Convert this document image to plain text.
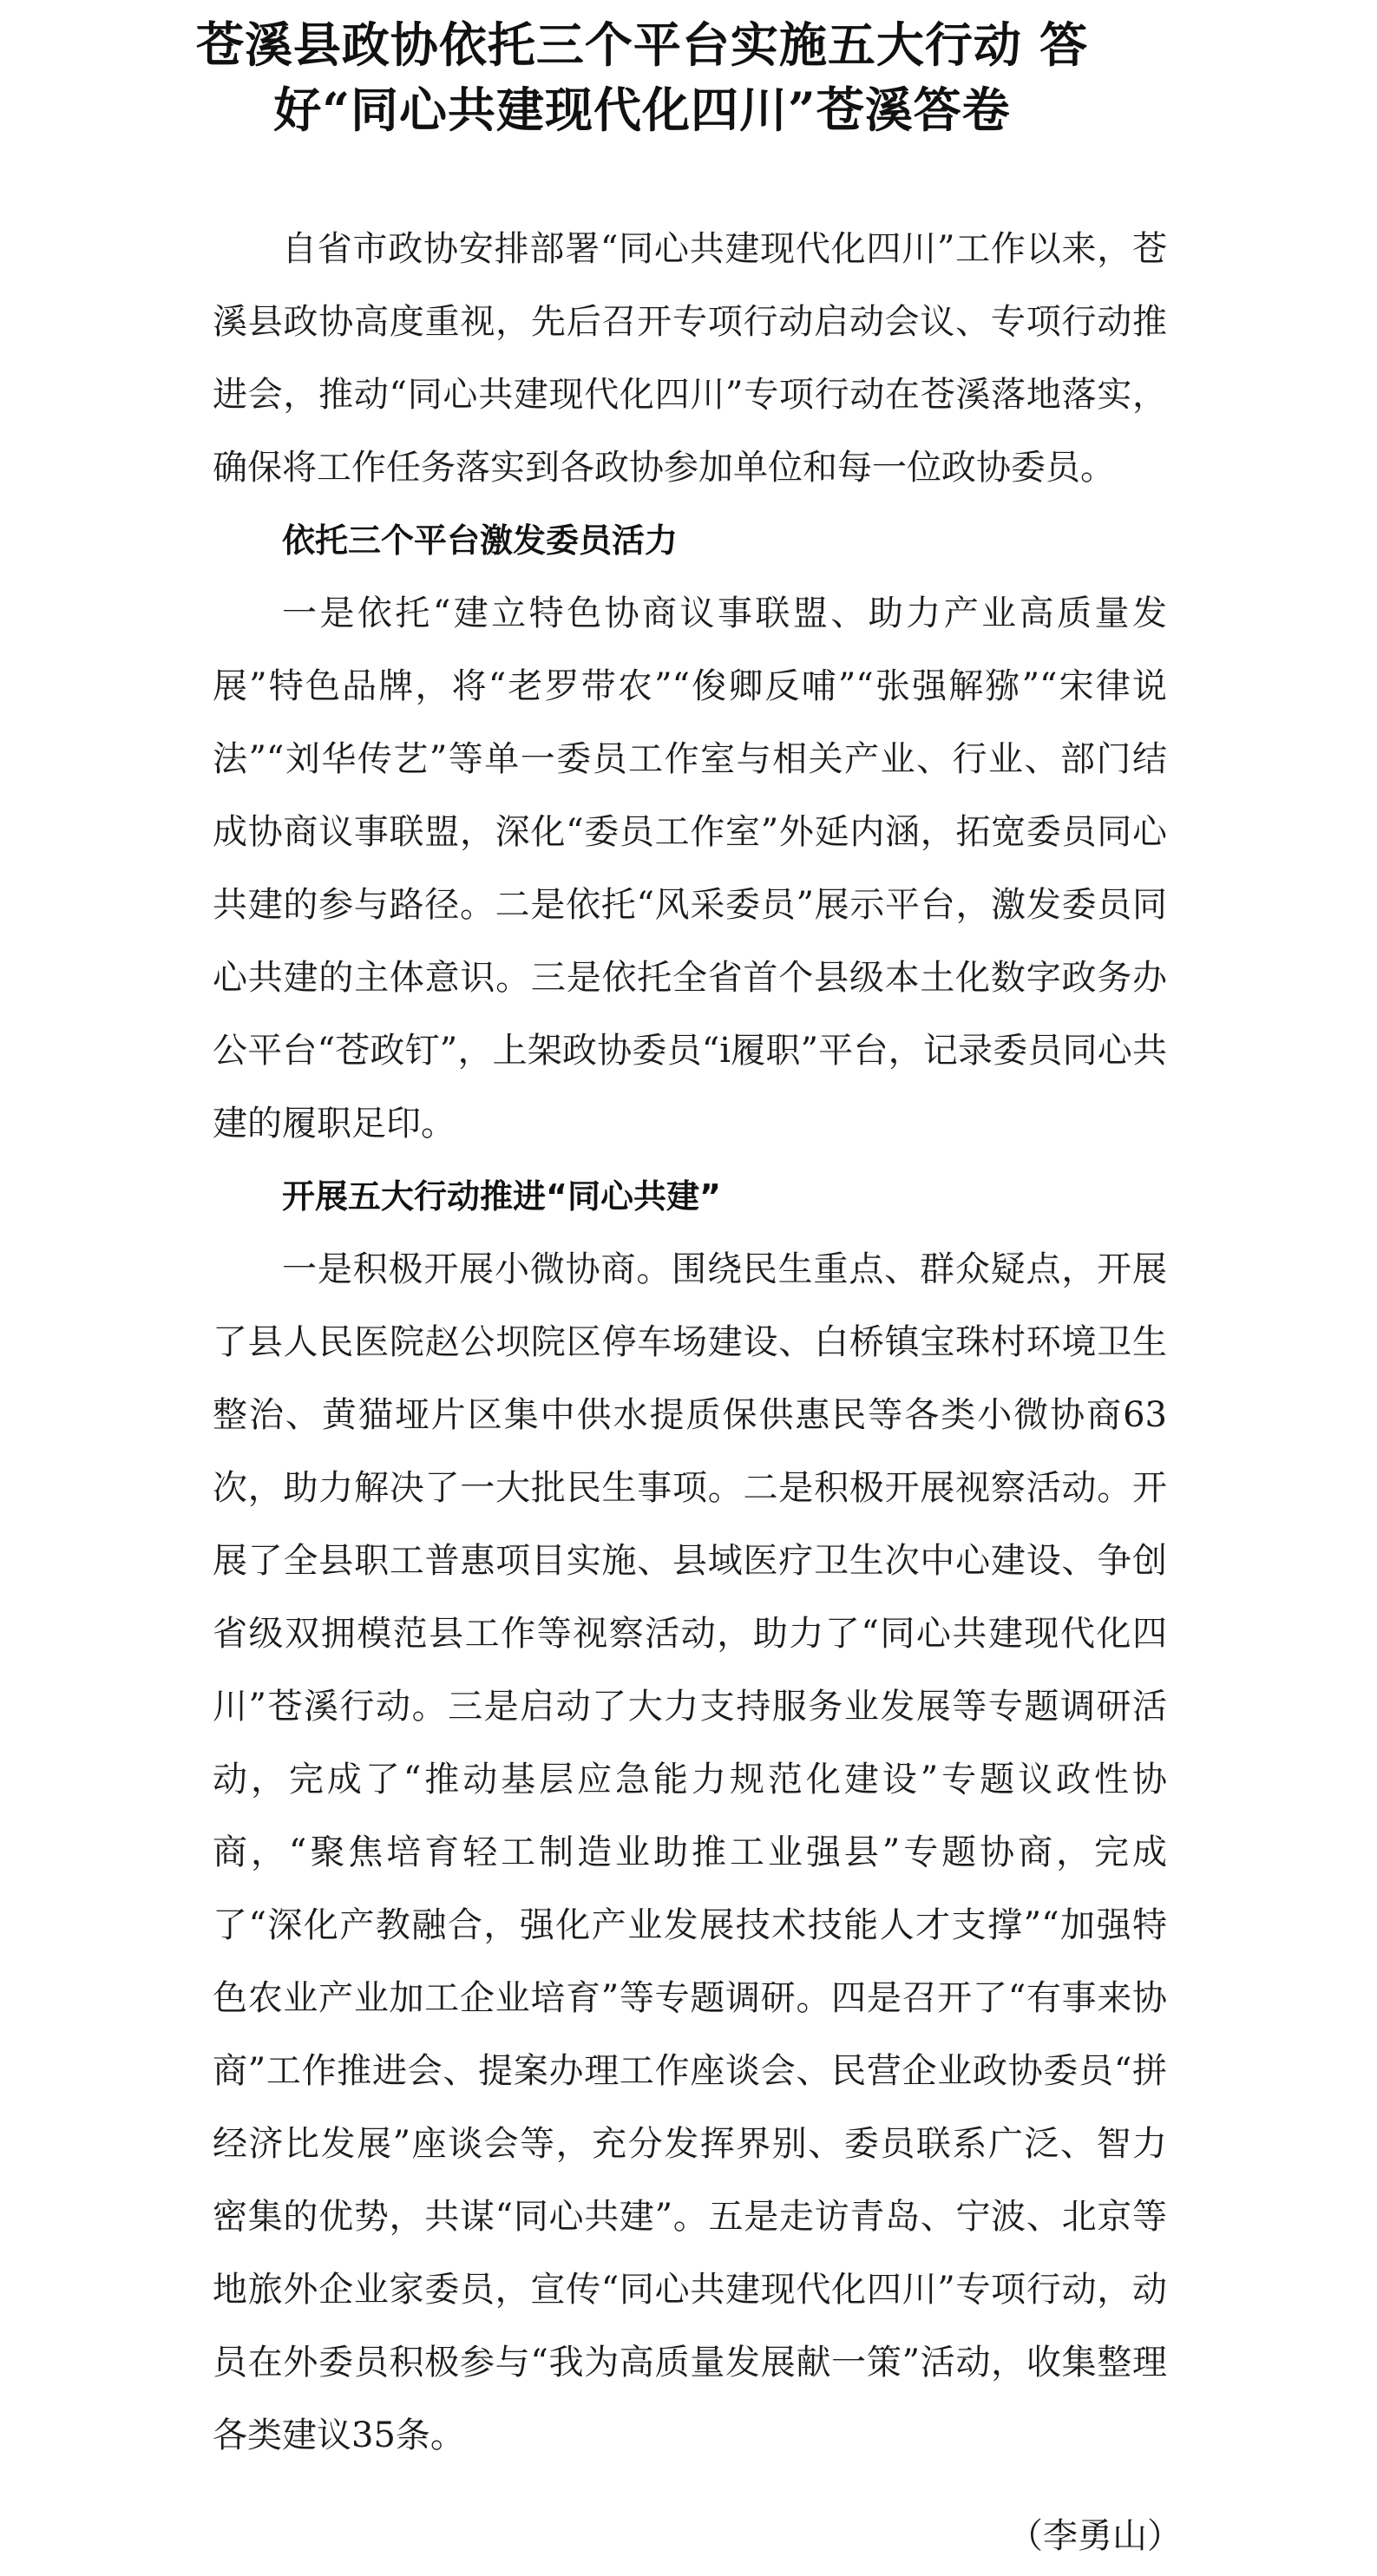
苍溪县政协依托三个平台实施五大行动 答
好“同心共建现代化四川”苍溪答卷

自省市政协安排部署“同心共建现代化四川”工作以来，苍溪县政协高度重视，先后召开专项行动启动会议、专项行动推进会，推动“同心共建现代化四川”专项行动在苍溪落地落实，确保将工作任务落实到各政协参加单位和每一位政协委员。

依托三个平台激发委员活力

一是依托“建立特色协商议事联盟、助力产业高质量发展”特色品牌，将“老罗带农”“俊卿反哺”“张强解猕”“宋律说法”“刘华传艺”等单一委员工作室与相关产业、行业、部门结成协商议事联盟，深化“委员工作室”外延内涵，拓宽委员同心共建的参与路径。二是依托“风采委员”展示平台，激发委员同心共建的主体意识。三是依托全省首个县级本土化数字政务办公平台“苍政钉”，上架政协委员“i履职”平台，记录委员同心共建的履职足印。

开展五大行动推进“同心共建”

一是积极开展小微协商。围绕民生重点、群众疑点，开展了县人民医院赵公坝院区停车场建设、白桥镇宝珠村环境卫生整治、黄猫垭片区集中供水提质保供惠民等各类小微协商63次，助力解决了一大批民生事项。二是积极开展视察活动。开展了全县职工普惠项目实施、县域医疗卫生次中心建设、争创省级双拥模范县工作等视察活动，助力了“同心共建现代化四川”苍溪行动。三是启动了大力支持服务业发展等专题调研活动，完成了“推动基层应急能力规范化建设”专题议政性协商，“聚焦培育轻工制造业助推工业强县”专题协商，完成了“深化产教融合，强化产业发展技术技能人才支撑”“加强特色农业产业加工企业培育”等专题调研。四是召开了“有事来协商”工作推进会、提案办理工作座谈会、民营企业政协委员“拼经济比发展”座谈会等，充分发挥界别、委员联系广泛、智力密集的优势，共谋“同心共建”。五是走访青岛、宁波、北京等地旅外企业家委员，宣传“同心共建现代化四川”专项行动，动员在外委员积极参与“我为高质量发展献一策”活动，收集整理各类建议35条。

（李勇山）
